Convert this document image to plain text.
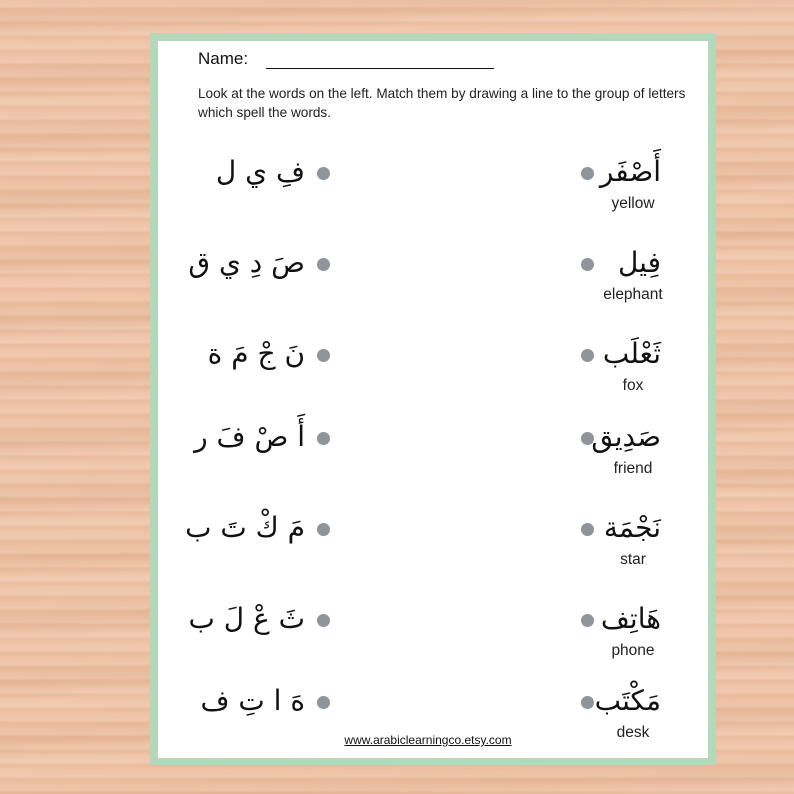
Name:
Look at the words on the left. Match them by drawing a line to the group of letters which spell the words.
فِ ي ل	أَصْفَر
yellow
صَ دِ ي ق	فِيل
elephant
نَ جْ مَ ة	ثَعْلَب
fox
أَ صْ فَ ر	صَدِيق
friend
مَ كْ تَ ب	نَجْمَة
star
ثَ عْ لَ ب	هَاتِف
phone
هَ ا تِ ف	مَكْتَب
desk
www.arabiclearningco.etsy.com
